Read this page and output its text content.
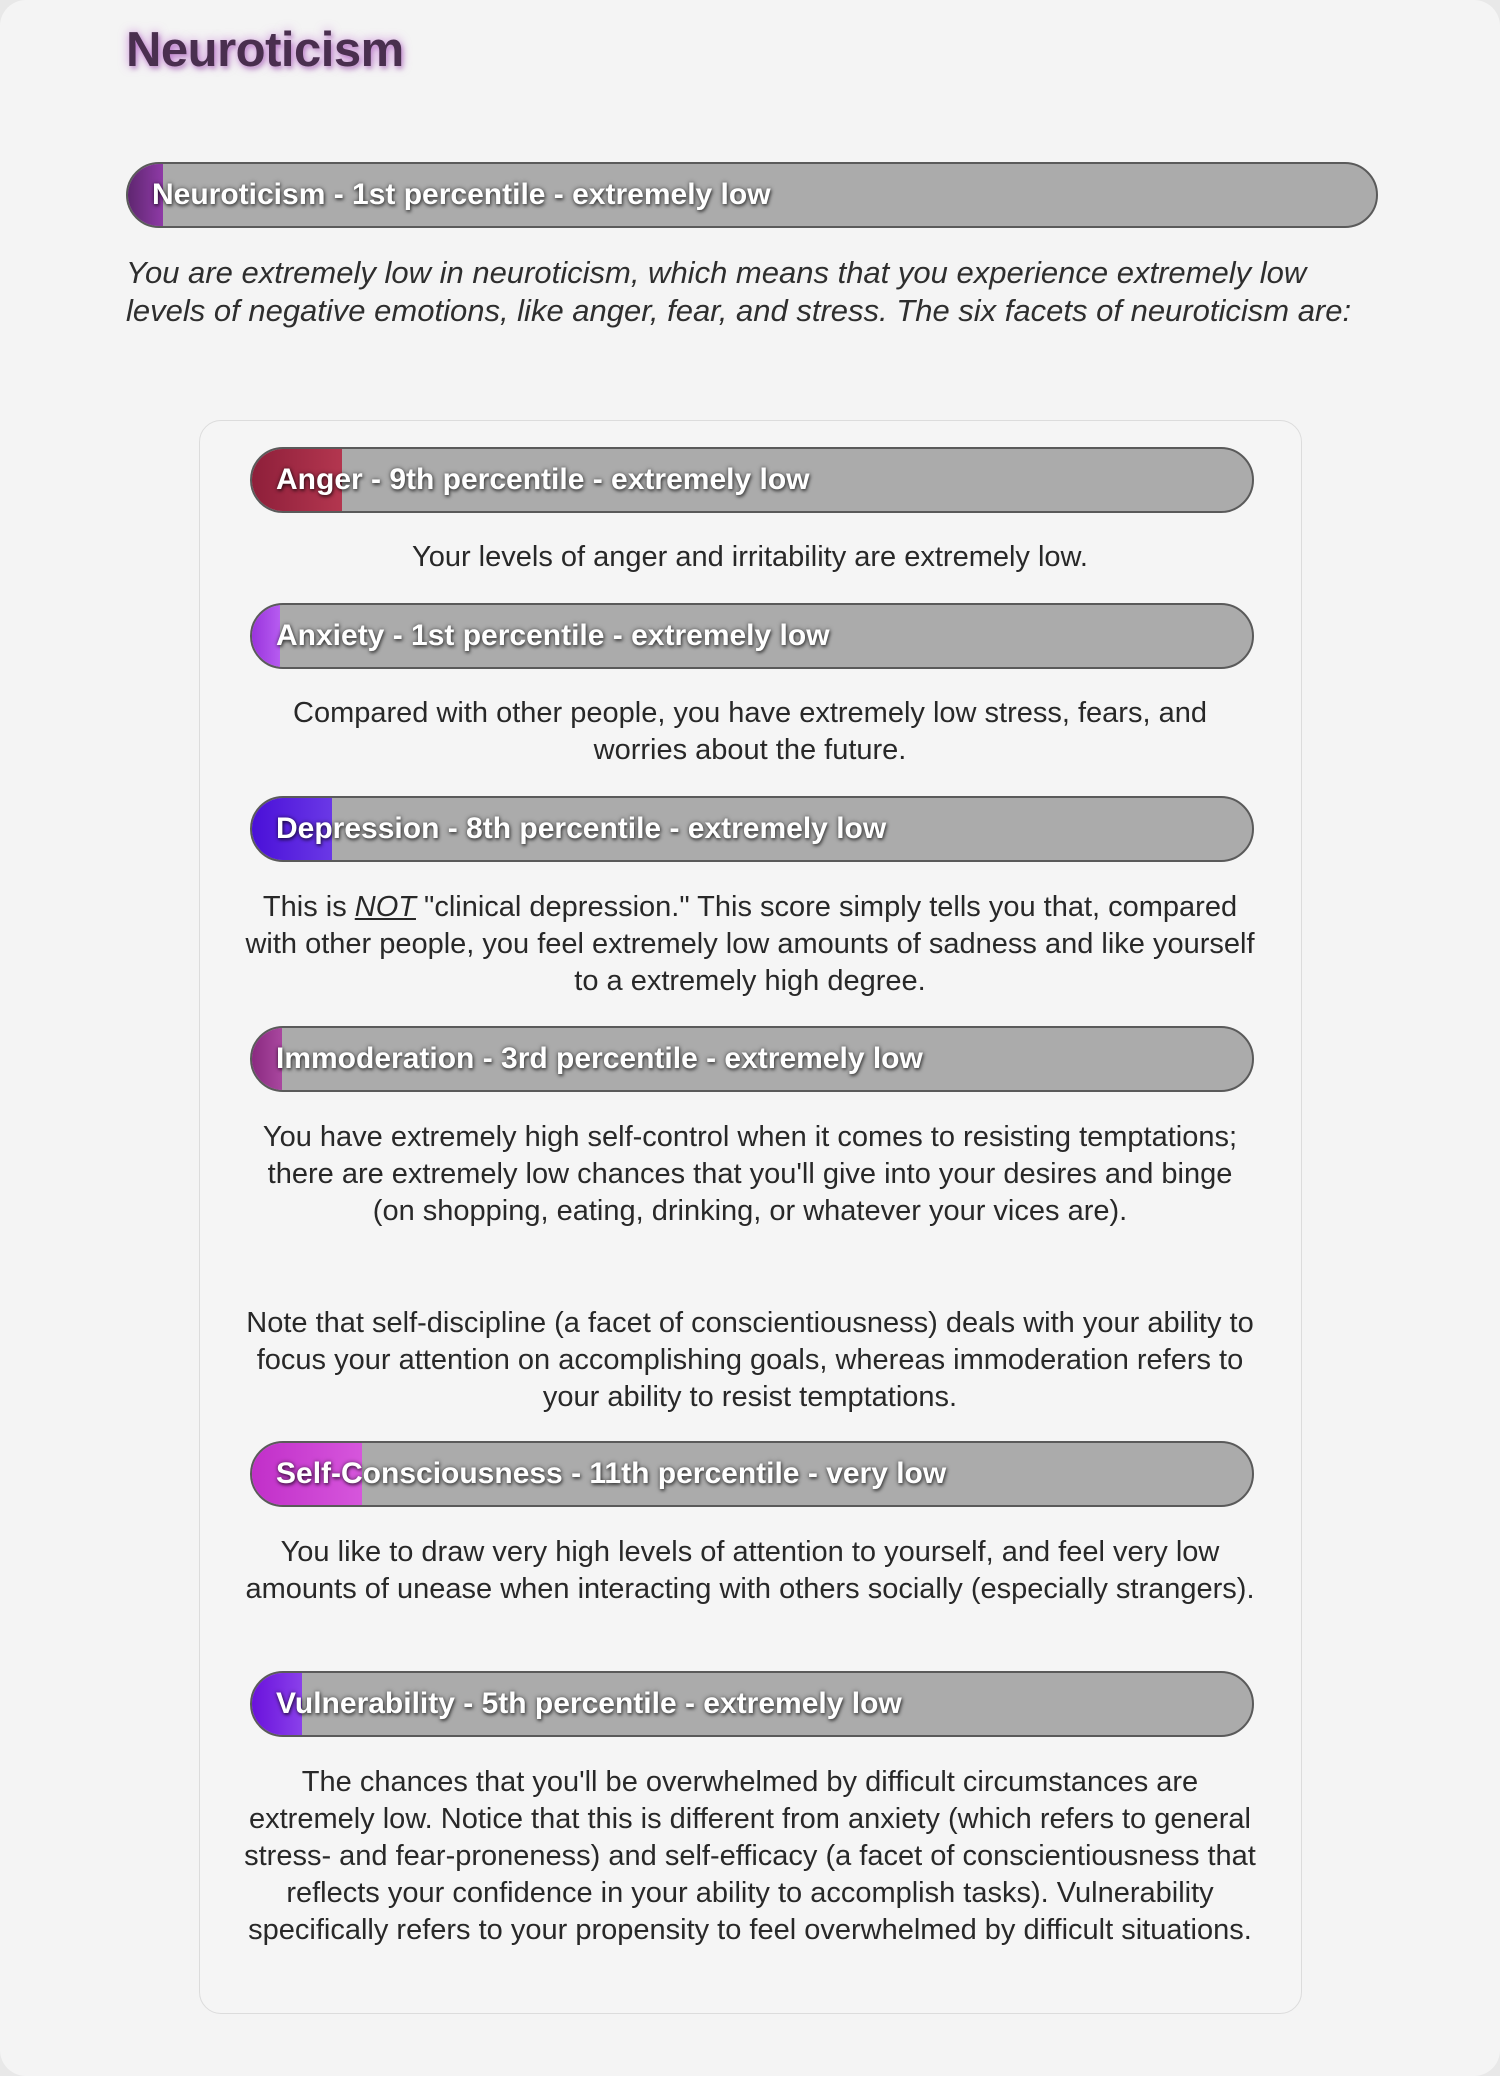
Neuroticism
Neuroticism - 1st percentile - extremely low

You are extremely low in neuroticism, which means that you experience extremely low levels of negative emotions, like anger, fear, and stress. The six facets of neuroticism are:

Anger - 9th percentile - extremely low

Your levels of anger and irritability are extremely low.

Anxiety - 1st percentile - extremely low

Compared with other people, you have extremely low stress, fears, and worries about the future.

Depression - 8th percentile - extremely low

This is NOT "clinical depression." This score simply tells you that, compared with other people, you feel extremely low amounts of sadness and like yourself to a extremely high degree.

Immoderation - 3rd percentile - extremely low

You have extremely high self-control when it comes to resisting temptations; there are extremely low chances that you'll give into your desires and binge (on shopping, eating, drinking, or whatever your vices are).

Note that self-discipline (a facet of conscientiousness) deals with your ability to focus your attention on accomplishing goals, whereas immoderation refers to your ability to resist temptations.

Self-Consciousness - 11th percentile - very low

You like to draw very high levels of attention to yourself, and feel very low amounts of unease when interacting with others socially (especially strangers).

Vulnerability - 5th percentile - extremely low

The chances that you'll be overwhelmed by difficult circumstances are extremely low. Notice that this is different from anxiety (which refers to general stress- and fear-proneness) and self-efficacy (a facet of conscientiousness that reflects your confidence in your ability to accomplish tasks). Vulnerability specifically refers to your propensity to feel overwhelmed by difficult situations.
